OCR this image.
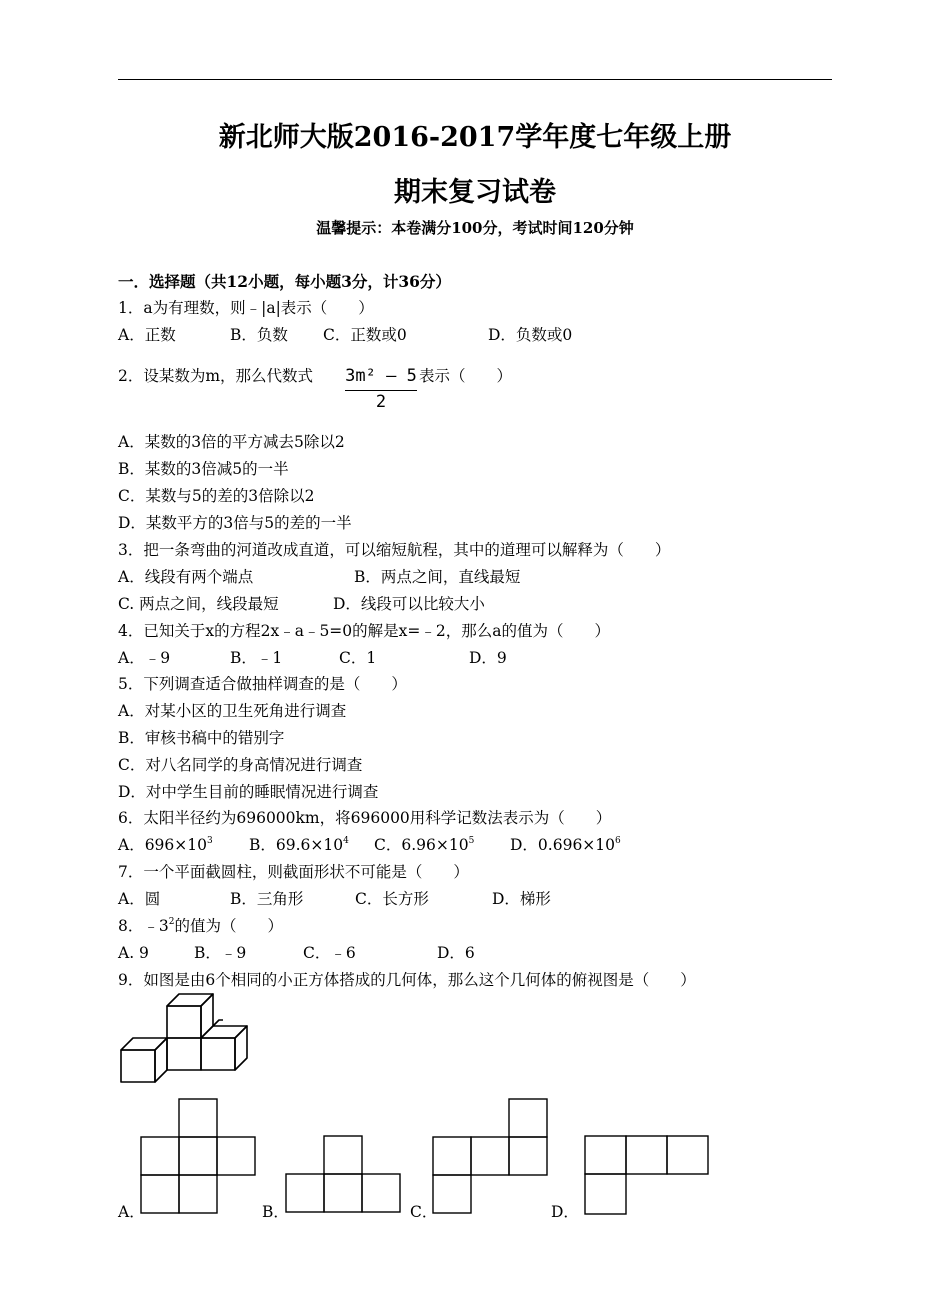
新北师大版2016-2017学年度七年级上册
期末复习试卷
温馨提示：本卷满分100分，考试时间120分钟
一．选择题（共12小题，每小题3分，计36分）
1．a为有理数，则﹣|a|表示（　　）
A．正数	B．负数 C．正数或0	D．负数或0
2．设某数为m，那么代数式 3m² – 5
2
表示（　　）
A．某数的3倍的平方减去5除以2
B．某数的3倍减5的一半
C．某数与5的差的3倍除以2
D．某数平方的3倍与5的差的一半
3．把一条弯曲的河道改成直道，可以缩短航程，其中的道理可以解释为（　　）
A．线段有两个端点	B．两点之间，直线最短
C. 两点之间，线段最短	D．线段可以比较大小
4．已知关于x的方程2x﹣a﹣5=0的解是x=﹣2，那么a的值为（　　）
A．﹣9	B．﹣1	C．1	D．9
5．下列调查适合做抽样调查的是（　　）
A．对某小区的卫生死角进行调查
B．审核书稿中的错别字
C．对八名同学的身高情况进行调查
D．对中学生目前的睡眠情况进行调查
6．太阳半径约为696000km，将696000用科学记数法表示为（　　）
A．$696\times 10^3$ B．$69.6\times 10^4$ C．$6.96\times 10^5$ D．$0.696\times 10^6$
7．一个平面截圆柱，则截面形状不可能是（　　）
A．圆	B．三角形	C．长方形	D．梯形
8．$﹣3^2$的值为（　　）
A. 9	B．﹣9	C．﹣6	D．6
9．如图是由6个相同的小正方体搭成的几何体，那么这个几何体的俯视图是（　　）
A．	B．	C．	D．
